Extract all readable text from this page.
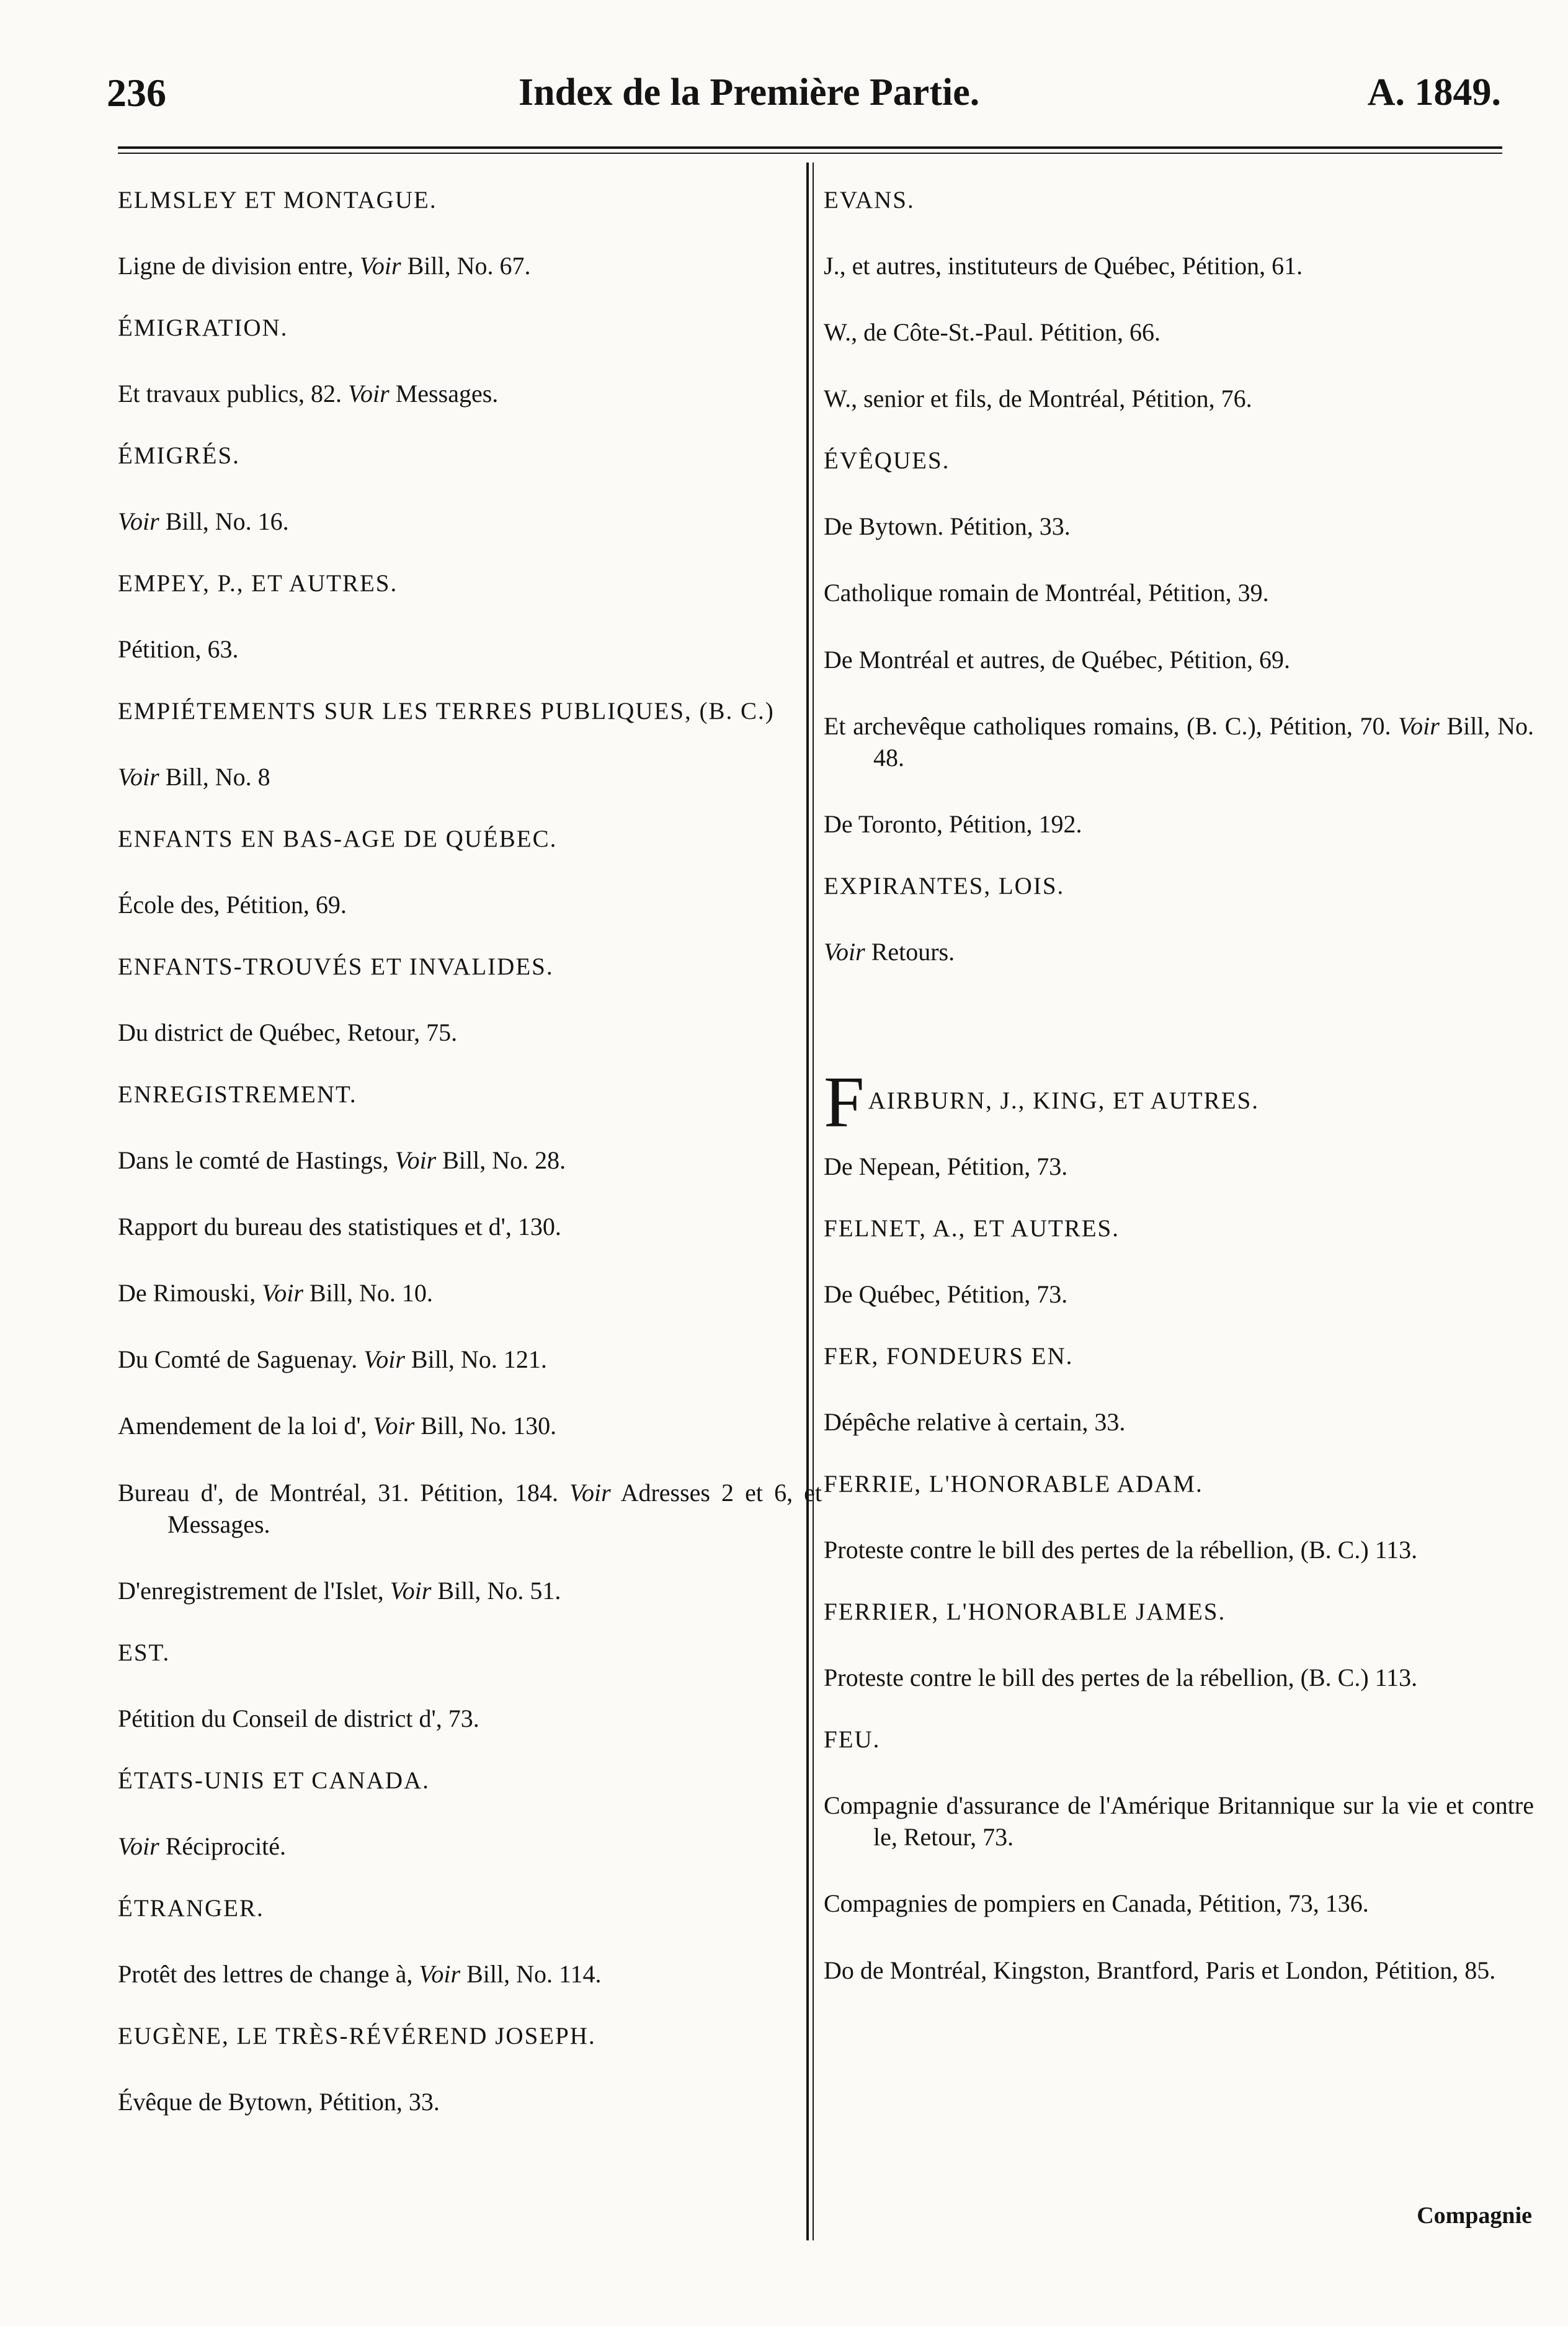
236	Index de la Première Partie.	A. 1849.
ELMSLEY ET MONTAGUE.
Ligne de division entre, Voir Bill, No. 67.
ÉMIGRATION.
Et travaux publics, 82. Voir Messages.
ÉMIGRÉS.
Voir Bill, No. 16.
EMPEY, P., ET AUTRES.
Pétition, 63.
EMPIÉTEMENTS SUR LES TERRES PUBLIQUES, (B. C.)
Voir Bill, No. 8
ENFANTS EN BAS-AGE DE QUÉBEC.
École des, Pétition, 69.
ENFANTS-TROUVÉS ET INVALIDES.
Du district de Québec, Retour, 75.
ENREGISTREMENT.
Dans le comté de Hastings, Voir Bill, No. 28.
Rapport du bureau des statistiques et d', 130.
De Rimouski, Voir Bill, No. 10.
Du Comté de Saguenay. Voir Bill, No. 121.
Amendement de la loi d', Voir Bill, No. 130.
Bureau d', de Montréal, 31. Pétition, 184. Voir Adresses 2 et 6, et Messages.
D'enregistrement de l'Islet, Voir Bill, No. 51.
EST.
Pétition du Conseil de district d', 73.
ÉTATS-UNIS ET CANADA.
Voir Réciprocité.
ÉTRANGER.
Protêt des lettres de change à, Voir Bill, No. 114.
EUGÈNE, LE TRÈS-RÉVÉREND JOSEPH.
Évêque de Bytown, Pétition, 33.
EVANS.
J., et autres, instituteurs de Québec, Pétition, 61.
W., de Côte-St.-Paul. Pétition, 66.
W., senior et fils, de Montréal, Pétition, 76.
ÉVÊQUES.
De Bytown. Pétition, 33.
Catholique romain de Montréal, Pétition, 39.
De Montréal et autres, de Québec, Pétition, 69.
Et archevêque catholiques romains, (B. C.), Pétition, 70. Voir Bill, No. 48.
De Toronto, Pétition, 192.
EXPIRANTES, LOIS.
Voir Retours.
FAIRBURN, J., KING, ET AUTRES.
De Nepean, Pétition, 73.
FELNET, A., ET AUTRES.
De Québec, Pétition, 73.
FER, FONDEURS EN.
Dépêche relative à certain, 33.
FERRIE, L'HONORABLE ADAM.
Proteste contre le bill des pertes de la rébellion, (B. C.) 113.
FERRIER, L'HONORABLE JAMES.
Proteste contre le bill des pertes de la rébellion, (B. C.) 113.
FEU.
Compagnie d'assurance de l'Amérique Britannique sur la vie et contre le, Retour, 73.
Compagnies de pompiers en Canada, Pétition, 73, 136.
Do de Montréal, Kingston, Brantford, Paris et London, Pétition, 85.
Compagnie
